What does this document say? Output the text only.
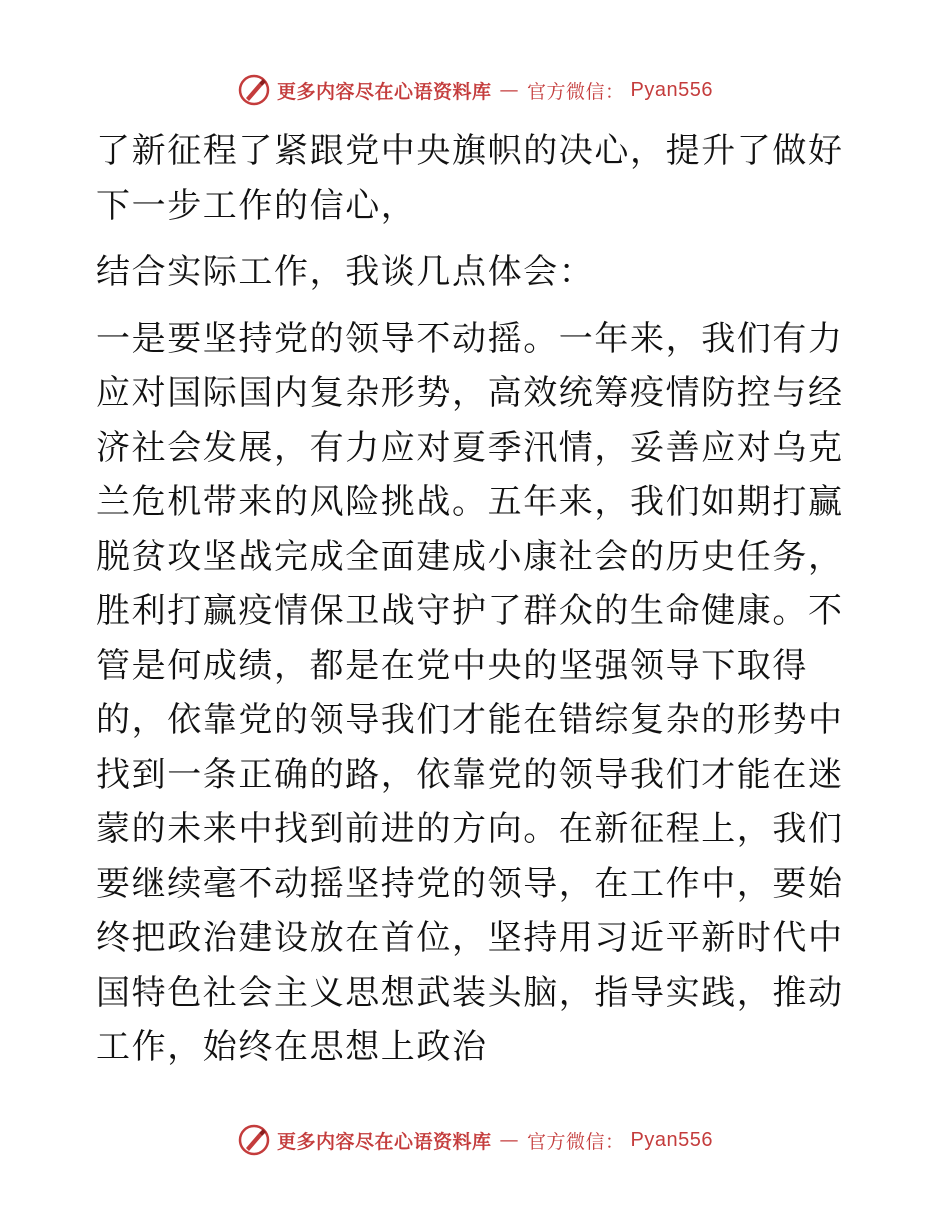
更多内容尽在心语资料库 — 官方微信： Pyan556

了新征程了紧跟党中央旗帜的决心，提升了做好下一步工作的信心，

结合实际工作，我谈几点体会：

一是要坚持党的领导不动摇。一年来，我们有力应对国际国内复杂形势，高效统筹疫情防控与经济社会发展，有力应对夏季汛情，妥善应对乌克兰危机带来的风险挑战。五年来，我们如期打赢脱贫攻坚战完成全面建成小康社会的历史任务，胜利打赢疫情保卫战守护了群众的生命健康。不管是何成绩，都是在党中央的坚强领导下取得的，依靠党的领导我们才能在错综复杂的形势中找到一条正确的路，依靠党的领导我们才能在迷蒙的未来中找到前进的方向。在新征程上，我们要继续毫不动摇坚持党的领导，在工作中，要始终把政治建设放在首位，坚持用习近平新时代中国特色社会主义思想武装头脑，指导实践，推动工作，始终在思想上政治

更多内容尽在心语资料库 — 官方微信： Pyan556
